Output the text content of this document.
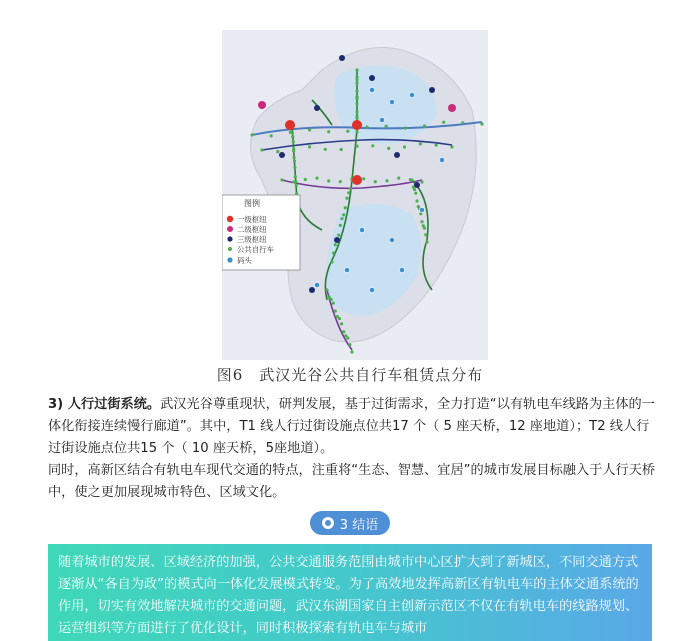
图例
一级枢纽
二级枢纽
三级枢纽
公共自行车
码头
图6　武汉光谷公共自行车租赁点分布

3) 人行过街系统。武汉光谷尊重现状，研判发展，基于过街需求，全力打造“以有轨电车线路为主体的一体化衔接连续慢行廊道”。其中，T1 线人行过街设施点位共17 个（ 5 座天桥，12 座地道）；T2 线人行过街设施点位共15 个（ 10 座天桥，5座地道）。

同时，高新区结合有轨电车现代交通的特点，注重将“生态、智慧、宜居”的城市发展目标融入于人行天桥中，使之更加展现城市特色、区域文化。

3 结语

随着城市的发展、区域经济的加强，公共交通服务范围由城市中心区扩大到了新城区，不同交通方式逐渐从“各自为政”的模式向一体化发展模式转变。为了高效地发挥高新区有轨电车的主体交通系统的作用，切实有效地解决城市的交通问题，武汉东湖国家自主创新示范区不仅在有轨电车的线路规划、运营组织等方面进行了优化设计，同时积极探索有轨电车与城市
